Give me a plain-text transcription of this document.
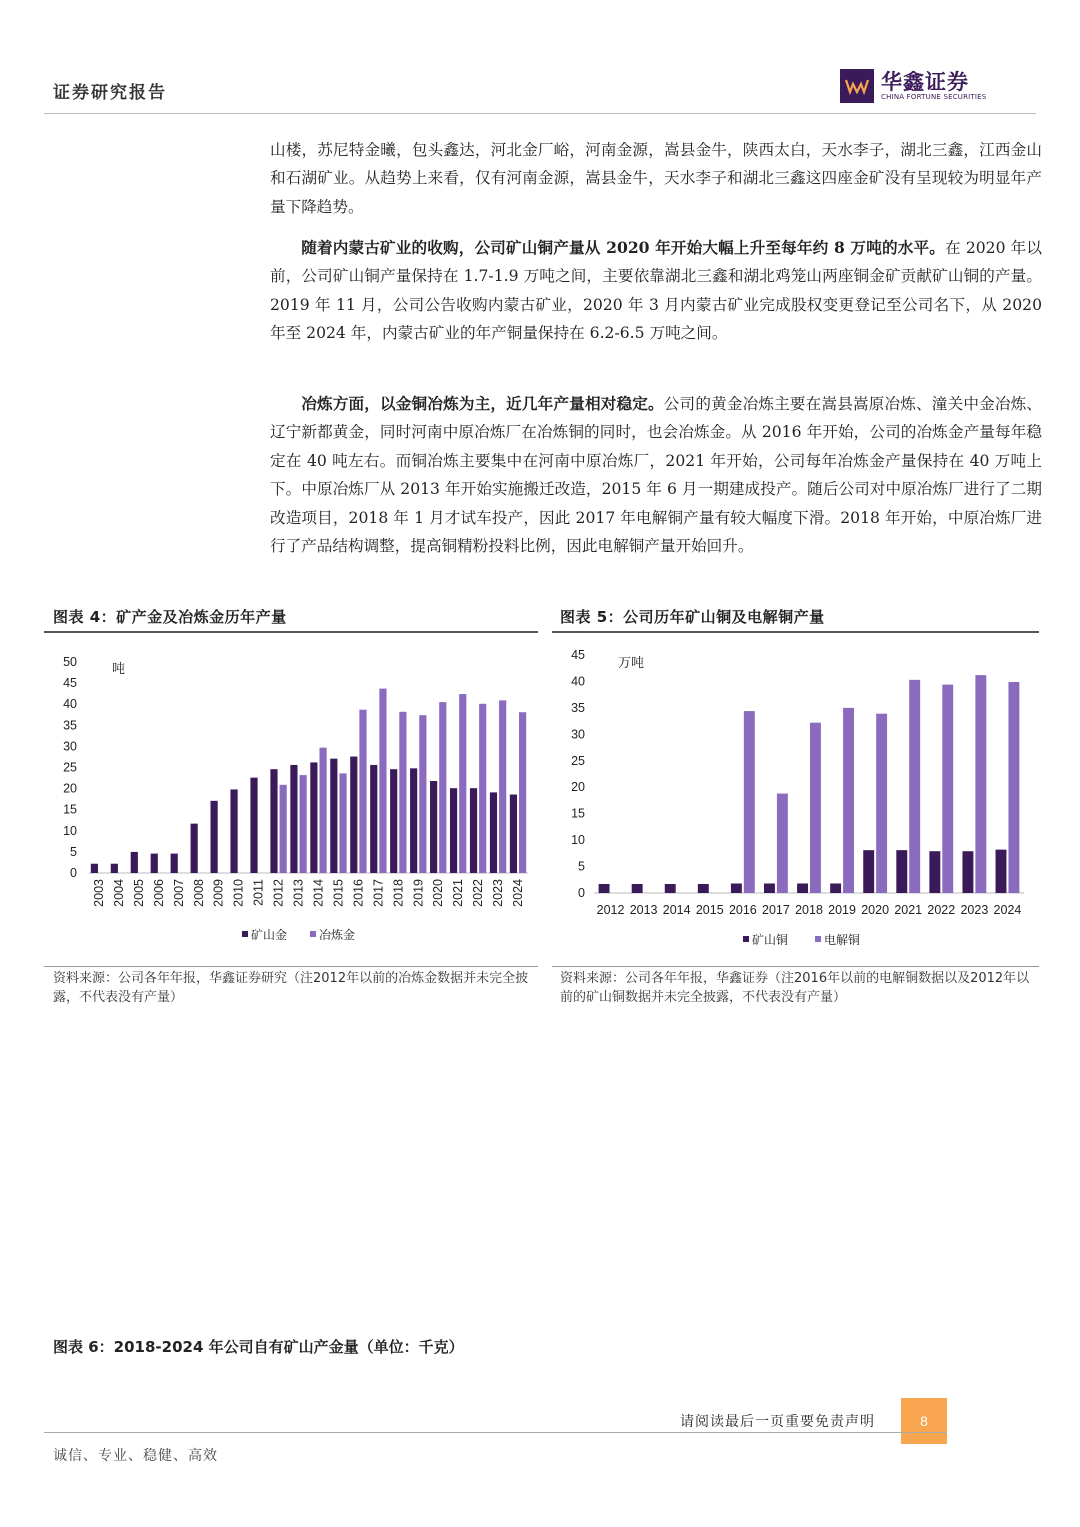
证券研究报告	华鑫证券
CHINA FORTUNE SECURITIES

山楼，苏尼特金曦，包头鑫达，河北金厂峪，河南金源，嵩县金牛，陕西太白，天水李子，湖北三鑫，江西金山和石湖矿业。从趋势上来看，仅有河南金源，嵩县金牛，天水李子和湖北三鑫这四座金矿没有呈现较为明显年产量下降趋势。

随着内蒙古矿业的收购，公司矿山铜产量从 2020 年开始大幅上升至每年约 8 万吨的水平。在 2020 年以前，公司矿山铜产量保持在 1.7-1.9 万吨之间，主要依靠湖北三鑫和湖北鸡笼山两座铜金矿贡献矿山铜的产量。2019 年 11 月，公司公告收购内蒙古矿业，2020 年 3 月内蒙古矿业完成股权变更登记至公司名下，从 2020 年至 2024 年，内蒙古矿业的年产铜量保持在 6.2-6.5 万吨之间。

冶炼方面，以金铜冶炼为主，近几年产量相对稳定。公司的黄金冶炼主要在嵩县嵩原冶炼、潼关中金冶炼、辽宁新都黄金，同时河南中原冶炼厂在冶炼铜的同时，也会冶炼金。从 2016 年开始，公司的冶炼金产量每年稳定在 40 吨左右。而铜冶炼主要集中在河南中原冶炼厂，2021 年开始，公司每年冶炼金产量保持在 40 万吨上下。中原冶炼厂从 2013 年开始实施搬迁改造，2015 年 6 月一期建成投产。随后公司对中原冶炼厂进行了二期改造项目，2018 年 1 月才试车投产，因此 2017 年电解铜产量有较大幅度下滑。2018 年开始，中原冶炼厂进行了产品结构调整，提高铜精粉投料比例，因此电解铜产量开始回升。

图表 4：矿产金及冶炼金历年产量
0
5
10
15
20
25
30
35
40
45
50	吨
2003 2004 2005 2006 2007 2008 2009 2010 2011 2012 2013 2014 2015 2016 2017 2018 2019 2020 2021 2022 2023 2024
矿山金	冶炼金
资料来源：公司各年年报，华鑫证券研究（注2012年以前的冶炼金数据并未完全披露，不代表没有产量）
图表 5：公司历年矿山铜及电解铜产量
0
5
10
15
20
25
30
35
40
45	万吨
2012 2013 2014 2015 2016 2017 2018 2019 2020 2021 2022 2023 2024
矿山铜	电解铜
资料来源：公司各年年报，华鑫证券（注2016年以前的电解铜数据以及2012年以前的矿山铜数据并未完全披露，不代表没有产量）
图表 6：2018-2024 年公司自有矿山产金量（单位：千克）
请阅读最后一页重要免责声明	8
诚信、专业、稳健、高效
